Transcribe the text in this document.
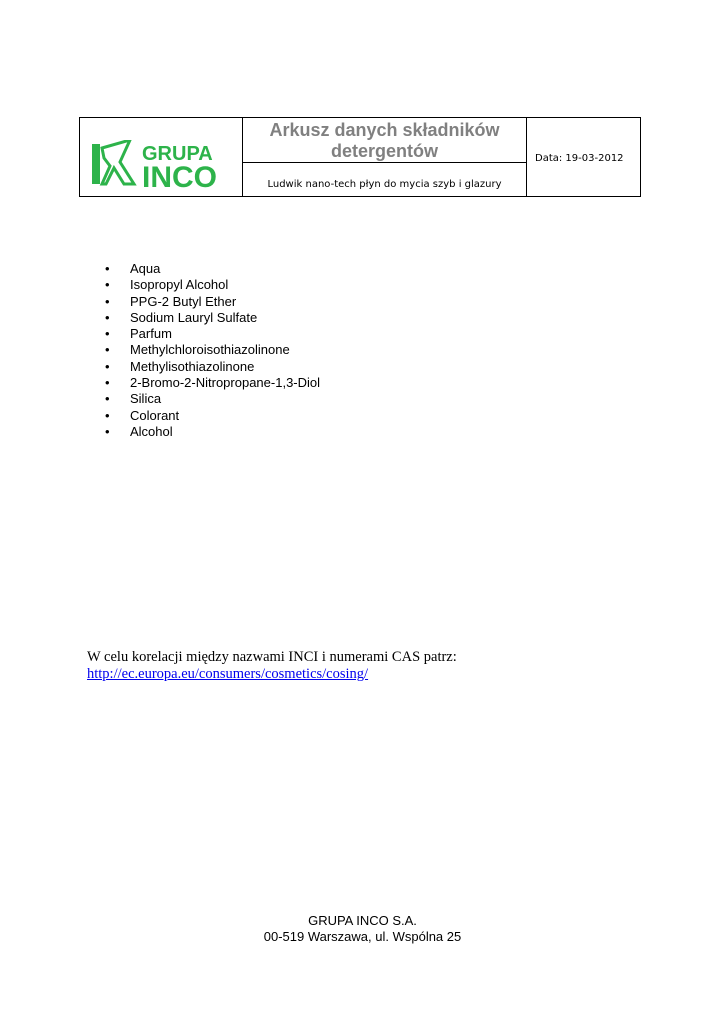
GRUPA
INCO
Arkusz danych składników detergentów
Ludwik nano-tech płyn do mycia szyb i glazury
Data: 19-03-2012
• Aqua
• Isopropyl Alcohol
• PPG-2 Butyl Ether
• Sodium Lauryl Sulfate
• Parfum
• Methylchloroisothiazolinone
• Methylisothiazolinone
• 2-Bromo-2-Nitropropane-1,3-Diol
• Silica
• Colorant
• Alcohol
W celu korelacji między nazwami INCI i numerami CAS patrz:
http://ec.europa.eu/consumers/cosmetics/cosing/
GRUPA INCO S.A.
00-519 Warszawa, ul. Wspólna 25
